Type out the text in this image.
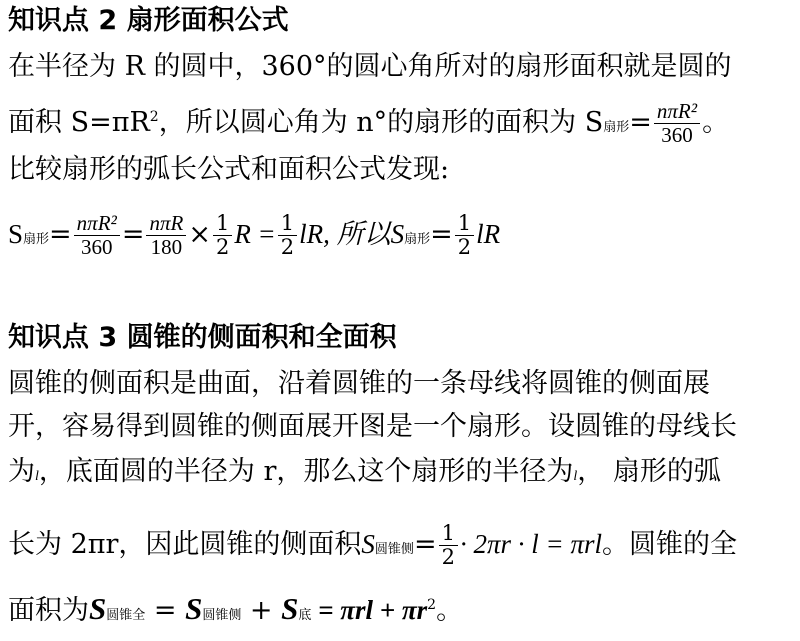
知识点 2 扇形面积公式
在半径为 R 的圆中，360°的圆心角所对的扇形面积就是圆的
面积 $S=\pi R^2$，所以圆心角为 n°的扇形的面积为 S扇形= $\frac{\text{nπR²}}{360}$ 。
比较扇形的弧长公式和面积公式发现:
S扇形= $\frac{\text{nπR²}}{360} = \frac{\text{nπR}}{180} \times \frac{1}{2}$ $R = \frac{1}{2}$ lR, 所以S扇形= $\frac{1}{2}$ lR
知识点 3 圆锥的侧面积和全面积
圆锥的侧面积是曲面，沿着圆锥的一条母线将圆锥的侧面展
开，容易得到圆锥的侧面展开图是一个扇形。设圆锥的母线长
为l，底面圆的半径为 r，那么这个扇形的半径为l， 扇形的弧
长为 2πr，因此圆锥的侧面积S圆锥侧= $\frac{1}{2} \cdot 2\pi r \cdot l = \pi rl$。圆锥的全
面积为S圆锥全 = S圆锥侧 + S底 = $\pi rl + \pi r^2$。
